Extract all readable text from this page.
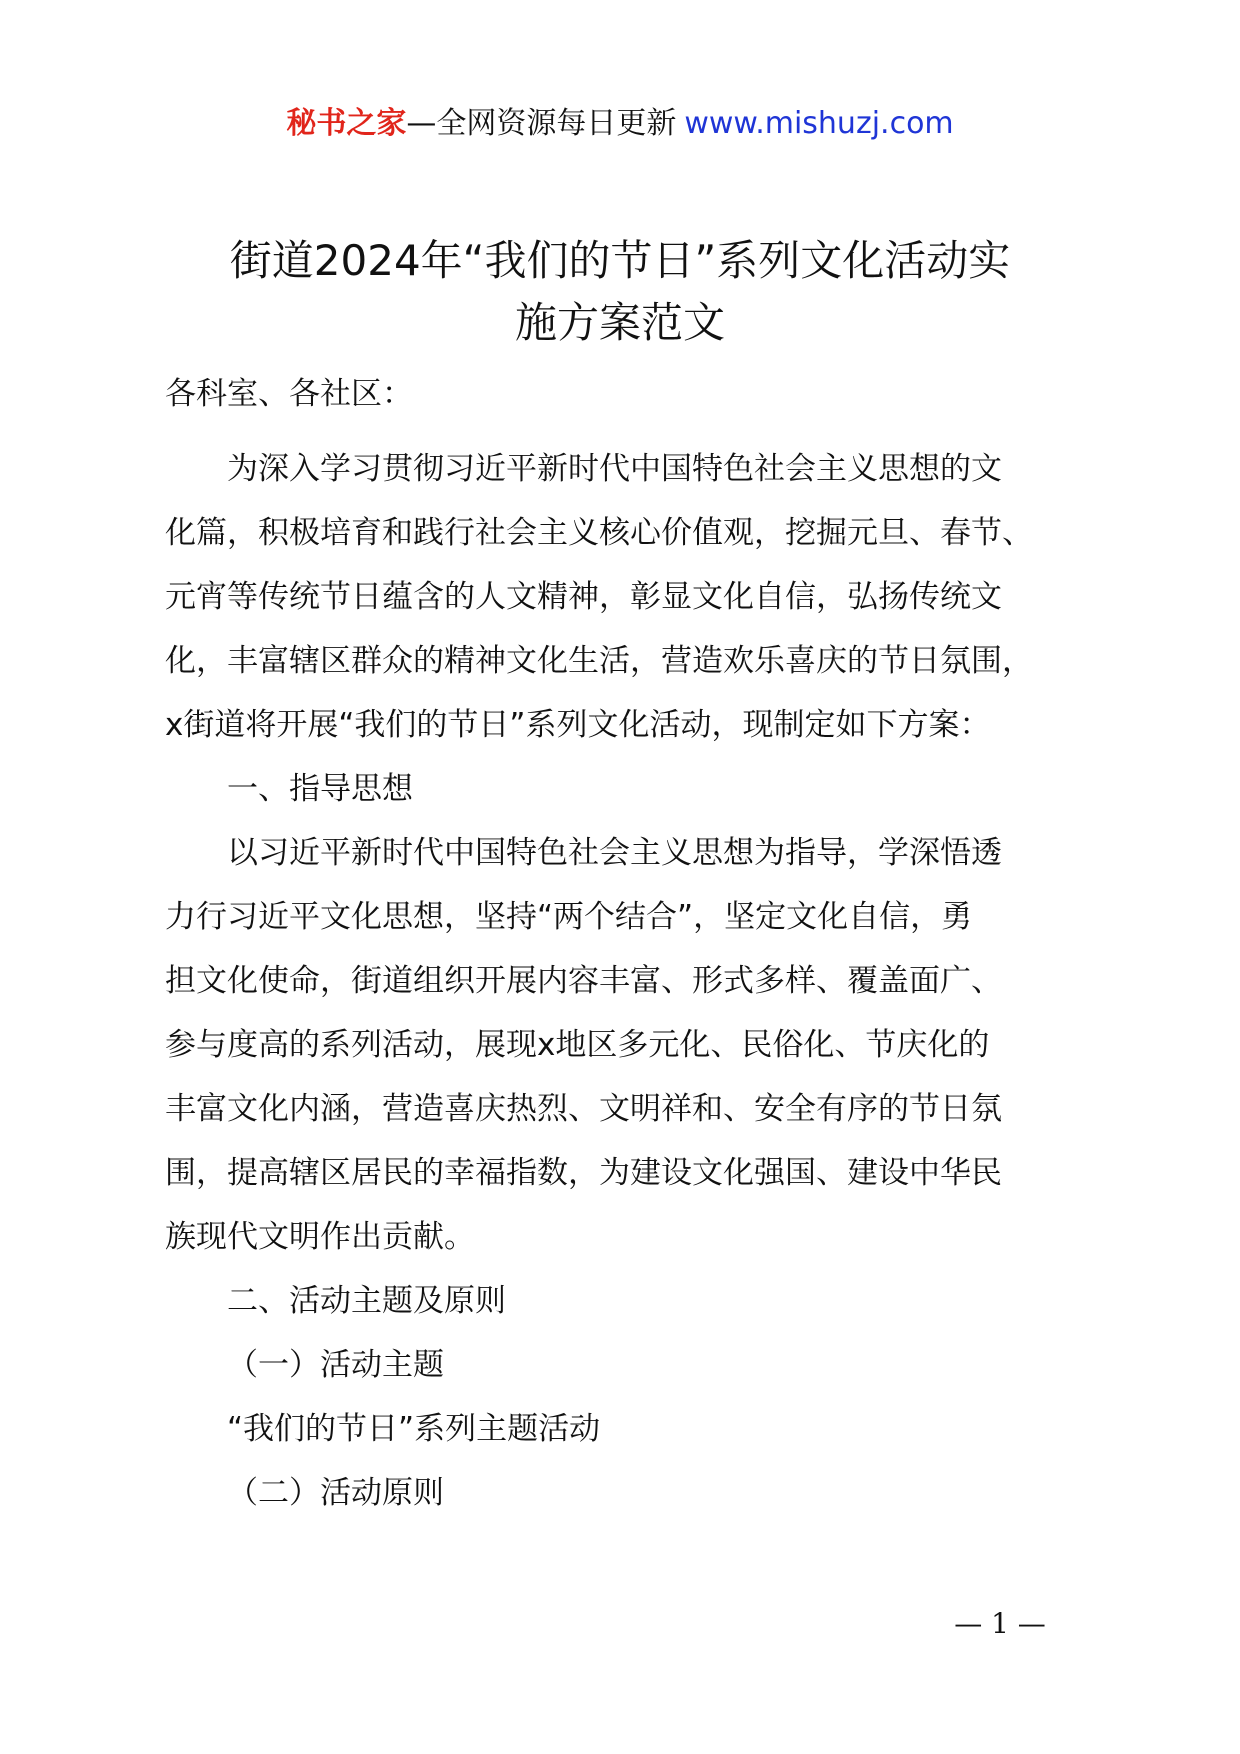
秘书之家—全网资源每日更新 www.mishuzj.com
街道2024年“我们的节日”系列文化活动实
施方案范文
各科室、各社区：

为深入学习贯彻习近平新时代中国特色社会主义思想的文

化篇，积极培育和践行社会主义核心价值观，挖掘元旦、春节、

元宵等传统节日蕴含的人文精神，彰显文化自信，弘扬传统文

化，丰富辖区群众的精神文化生活，营造欢乐喜庆的节日氛围，

x街道将开展“我们的节日”系列文化活动，现制定如下方案：

一、指导思想

以习近平新时代中国特色社会主义思想为指导，学深悟透

力行习近平文化思想，坚持“两个结合”，坚定文化自信，勇

担文化使命，街道组织开展内容丰富、形式多样、覆盖面广、

参与度高的系列活动，展现x地区多元化、民俗化、节庆化的

丰富文化内涵，营造喜庆热烈、文明祥和、安全有序的节日氛

围，提高辖区居民的幸福指数，为建设文化强国、建设中华民

族现代文明作出贡献。

二、活动主题及原则

（一）活动主题

“我们的节日”系列主题活动

（二）活动原则

— 1 —
